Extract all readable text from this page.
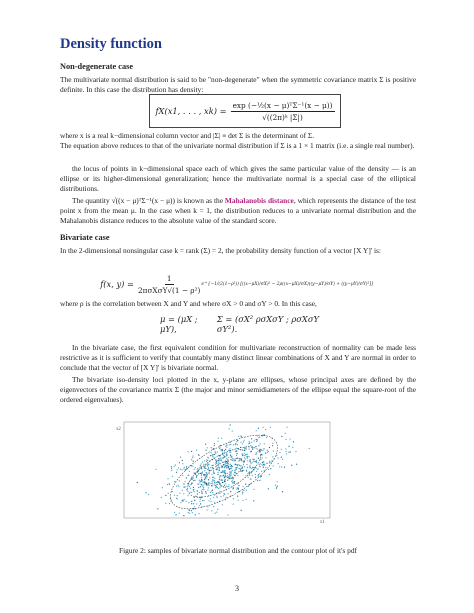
Density function
Non-degenerate case

The multivariate normal distribution is said to be "non-degenerate" when the symmetric covariance matrix Σ is positive definite. In this case the distribution has density:

fX(x1, . . . , $xk) = \frac{\text{exp (−½(x − μ)ᵀΣ⁻¹(x − μ))}}{\text{√((2π)ᵏ |Σ|)}}$

where x is a real k−dimensional column vector and |Σ| ≡ det Σ is the determinant of Σ.

The equation above reduces to that of the univariate normal distribution if Σ is a 1 × 1 matrix (i.e. a single real number).

the locus of points in k−dimensional space each of which gives the same particular value of the density — is an ellipse or its higher-dimensional generalization; hence the multivariate normal is a special case of the elliptical distributions.

The quantity √((x − μ)ᵀΣ⁻¹(x − μ)) is known as the Mahalanobis distance, which represents the distance of the test point x from the mean μ. In the case when k = 1, the distribution reduces to a univariate normal distribution and the Mahalanobis distance reduces to the absolute value of the standard score.

Bivariate case

In the 2-dimensional nonsingular case k = rank (Σ) = 2, the probability density function of a vector [X Y]' is:

f(x, $y) = \frac{1}{\text{2πσXσY√(1 − ρ²)}}$ e^{−1/(2(1−ρ²)) [((x−μX)/σX)² − 2ρ((x−μX)/σX)((y−μY)/σY) + ((y−μY)/σY)²]}

where ρ is the correlation between X and Y and where σX > 0 and σY > 0. In this case,

μ = (μX ; μY),
Σ = (σX² ρσXσY ; ρσXσY σY²).

In the bivariate case, the first equivalent condition for multivariate reconstruction of normality can be made less restrictive as it is sufficient to verify that countably many distinct linear combinations of X and Y are normal in order to conclude that the vector of [X Y]' is bivariate normal.

The bivariate iso-density loci plotted in the x, y-plane are ellipses, whose principal axes are defined by the eigenvectors of the covariance matrix Σ (the major and minor semidiameters of the ellipse equal the square-root of the ordered eigenvalues).

x2
x1

Figure 2: samples of bivariate normal distribution and the contour plot of it's pdf

3
